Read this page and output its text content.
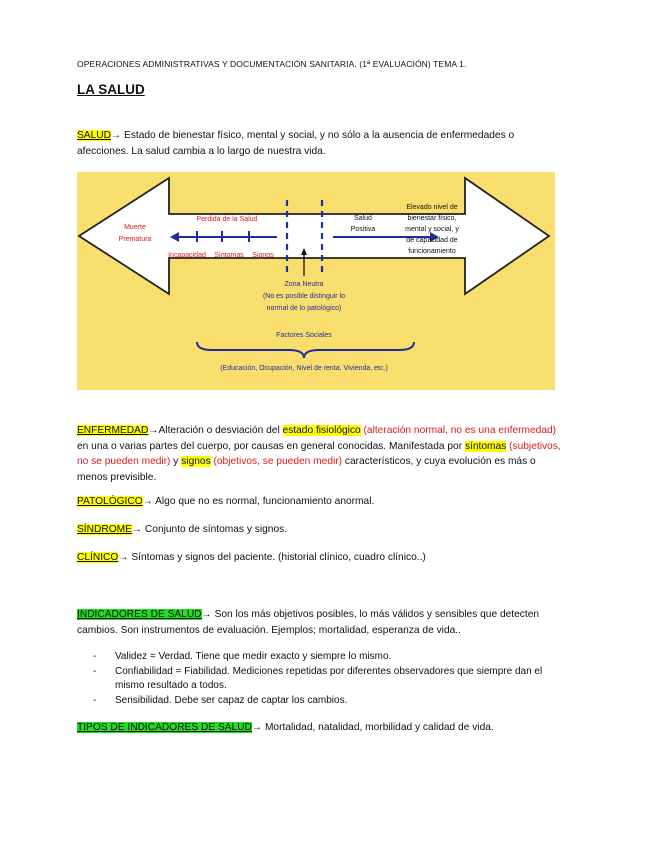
OPERACIONES ADMINISTRATIVAS Y DOCUMENTACIÓN SANITARIA. (1ª EVALUACIÓN) TEMA 1.
LA SALUD
SALUD→ Estado de bienestar físico, mental y social, y no sólo a la ausencia de enfermedades o afecciones. La salud cambia a lo largo de nuestra vida.
Muerte
Prematura
Perdida de la Salud
Incapacidad Síntomas Signos
Salud
Positiva
Elevado nivel de
bienestar físico,
mental y social, y
de capacidad de
funcionamiento
Zona Neutra
(No es posible distinguir lo
normal de lo patológico)
Factores Sociales
(Educación, Ocupación, Nivel de renta, Vivienda, etc.)
ENFERMEDAD→Alteración o desviación del estado fisiológico (alteración normal, no es una enfermedad) en una o varias partes del cuerpo, por causas en general conocidas. Manifestada por síntomas (subjetivos, no se pueden medir) y signos (objetivos, se pueden medir) característicos, y cuya evolución es más o menos previsible.
PATOLÓGICO→ Algo que no es normal, funcionamiento anormal.
SÍNDROME→ Conjunto de síntomas y signos.
CLÍNICO→ Síntomas y signos del paciente. (historial clínico, cuadro clínico..)
INDICADORES DE SALUD→ Son los más objetivos posibles, lo más válidos y sensibles que detecten cambios. Son instrumentos de evaluación. Ejemplos; mortalidad, esperanza de vida..
-	Validez = Verdad. Tiene que medir exacto y siempre lo mismo.
-	Confiabilidad = Fiabilidad. Mediciones repetidas por diferentes observadores que siempre dan el mismo resultado a todos.
-	Sensibilidad. Debe ser capaz de captar los cambios.
TIPOS DE INDICADORES DE SALUD→ Mortalidad, natalidad, morbilidad y calidad de vida.
